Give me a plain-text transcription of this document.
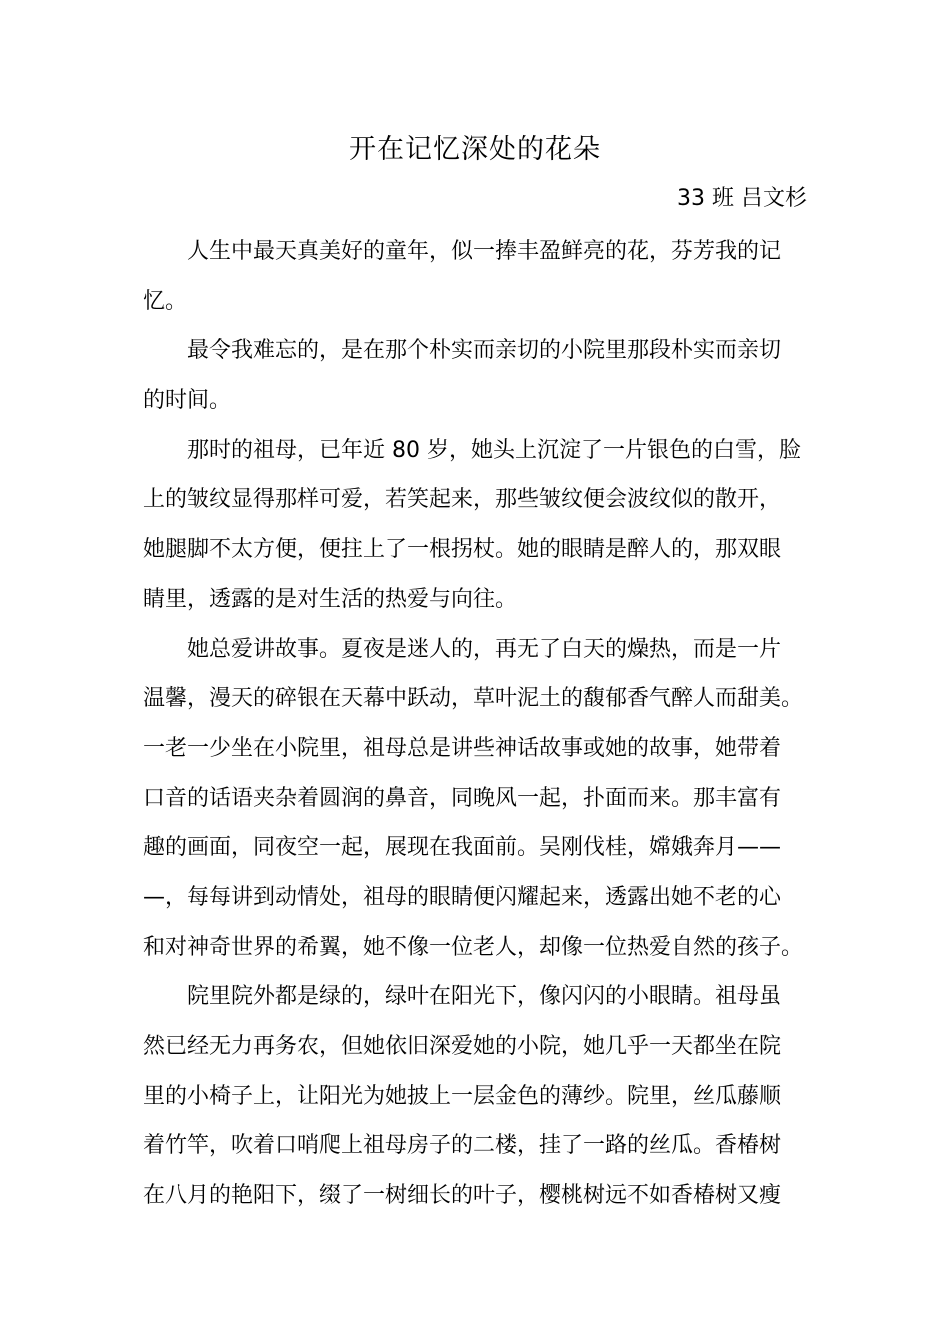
开在记忆深处的花朵
33 班 吕文杉
人生中最天真美好的童年，似一捧丰盈鲜亮的花，芬芳我的记
忆。
最令我难忘的，是在那个朴实而亲切的小院里那段朴实而亲切
的时间。
那时的祖母，已年近 80 岁，她头上沉淀了一片银色的白雪，脸
上的皱纹显得那样可爱，若笑起来，那些皱纹便会波纹似的散开，
她腿脚不太方便，便拄上了一根拐杖。她的眼睛是醉人的，那双眼
睛里，透露的是对生活的热爱与向往。
她总爱讲故事。夏夜是迷人的，再无了白天的燥热，而是一片
温馨，漫天的碎银在天幕中跃动，草叶泥土的馥郁香气醉人而甜美。
一老一少坐在小院里，祖母总是讲些神话故事或她的故事，她带着
口音的话语夹杂着圆润的鼻音，同晚风一起，扑面而来。那丰富有
趣的画面，同夜空一起，展现在我面前。吴刚伐桂，嫦娥奔月——
—，每每讲到动情处，祖母的眼睛便闪耀起来，透露出她不老的心
和对神奇世界的希翼，她不像一位老人，却像一位热爱自然的孩子。
院里院外都是绿的，绿叶在阳光下，像闪闪的小眼睛。祖母虽
然已经无力再务农，但她依旧深爱她的小院，她几乎一天都坐在院
里的小椅子上，让阳光为她披上一层金色的薄纱。院里，丝瓜藤顺
着竹竿，吹着口哨爬上祖母房子的二楼，挂了一路的丝瓜。香椿树
在八月的艳阳下，缀了一树细长的叶子，樱桃树远不如香椿树又瘦
